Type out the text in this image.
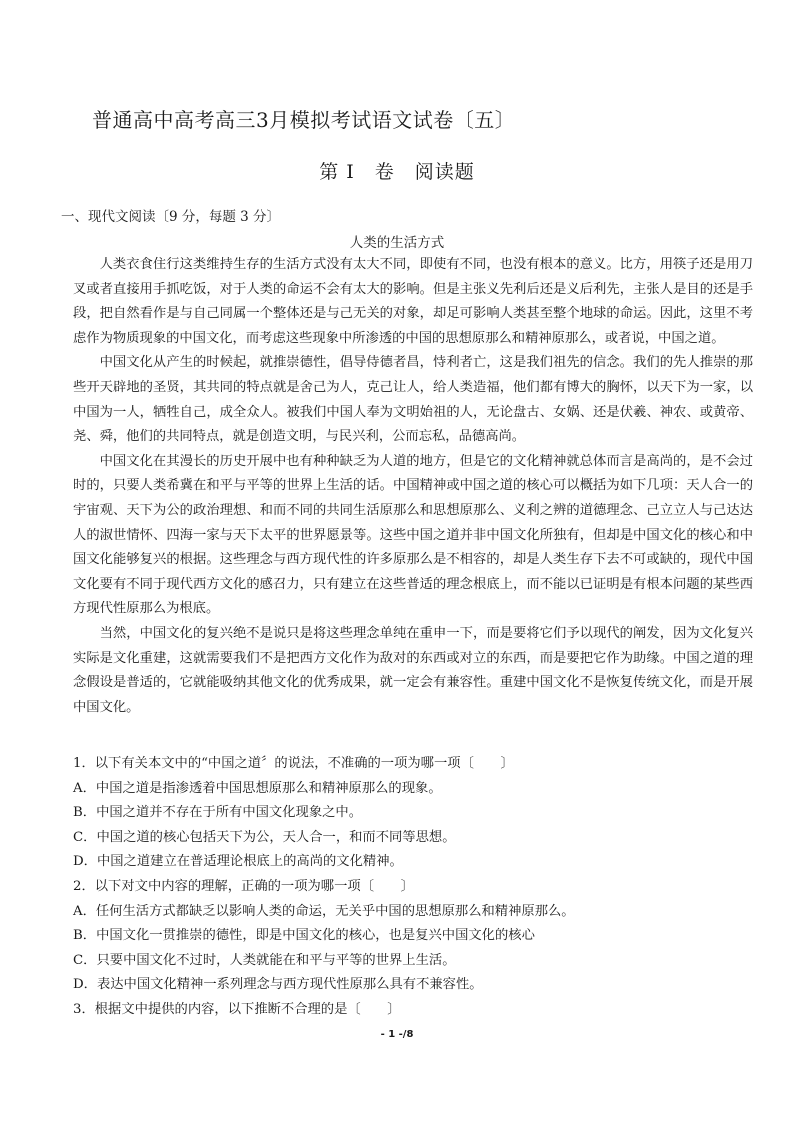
普通高中高考高三3月模拟考试语文试卷〔五〕
第 I　卷　阅读题
一、现代文阅读〔9 分，每题 3 分〕
人类的生活方式

人类衣食住行这类维持生存的生活方式没有太大不同，即使有不同，也没有根本的意义。比方，用筷子还是用刀叉或者直接用手抓吃饭，对于人类的命运不会有太大的影响。但是主张义先利后还是义后利先，主张人是目的还是手段，把自然看作是与自己同属一个整体还是与己无关的对象，却足可影响人类甚至整个地球的命运。因此，这里不考虑作为物质现象的中国文化，而考虑这些现象中所渗透的中国的思想原那么和精神原那么，或者说，中国之道。

中国文化从产生的时候起，就推崇德性，倡导侍德者昌，恃利者亡，这是我们祖先的信念。我们的先人推崇的那些开天辟地的圣贤，其共同的特点就是舍己为人，克己让人，给人类造福，他们都有博大的胸怀，以天下为一家，以中国为一人，牺牲自己，成全众人。被我们中国人奉为文明始祖的人，无论盘古、女娲、还是伏羲、神农、或黄帝、尧、舜，他们的共同特点，就是创造文明，与民兴利，公而忘私，品德高尚。

中国文化在其漫长的历史开展中也有种种缺乏为人道的地方，但是它的文化精神就总体而言是高尚的，是不会过时的，只要人类希冀在和平与平等的世界上生活的话。中国精神或中国之道的核心可以概括为如下几项：天人合一的宇宙观、天下为公的政治理想、和而不同的共同生活原那么和思想原那么、义利之辨的道德理念、己立立人与己达达人的淑世情怀、四海一家与天下太平的世界愿景等。这些中国之道并非中国文化所独有，但却是中国文化的核心和中国文化能够复兴的根据。这些理念与西方现代性的许多原那么是不相容的，却是人类生存下去不可或缺的，现代中国文化要有不同于现代西方文化的感召力，只有建立在这些普适的理念根底上，而不能以已证明是有根本问题的某些西方现代性原那么为根底。

当然，中国文化的复兴绝不是说只是将这些理念单纯在重申一下，而是要将它们予以现代的阐发，因为文化复兴实际是文化重建，这就需要我们不是把西方文化作为敌对的东西或对立的东西，而是要把它作为助缘。中国之道的理念假设是普适的，它就能吸纳其他文化的优秀成果，就一定会有兼容性。重建中国文化不是恢复传统文化，而是开展中国文化。

1．以下有关本文中的“中国之道〞的说法，不准确的一项为哪一项〔　　〕
A．中国之道是指渗透着中国思想原那么和精神原那么的现象。
B．中国之道并不存在于所有中国文化现象之中。
C．中国之道的核心包括天下为公，天人合一，和而不同等思想。
D．中国之道建立在普适理论根底上的高尚的文化精神。
2．以下对文中内容的理解，正确的一项为哪一项〔　　〕
A．任何生活方式都缺乏以影响人类的命运，无关乎中国的思想原那么和精神原那么。
B．中国文化一贯推崇的德性，即是中国文化的核心，也是复兴中国文化的核心
C．只要中国文化不过时，人类就能在和平与平等的世界上生活。
D．表达中国文化精神一系列理念与西方现代性原那么具有不兼容性。
3．根据文中提供的内容，以下推断不合理的是〔　　〕
- 1 -/8
